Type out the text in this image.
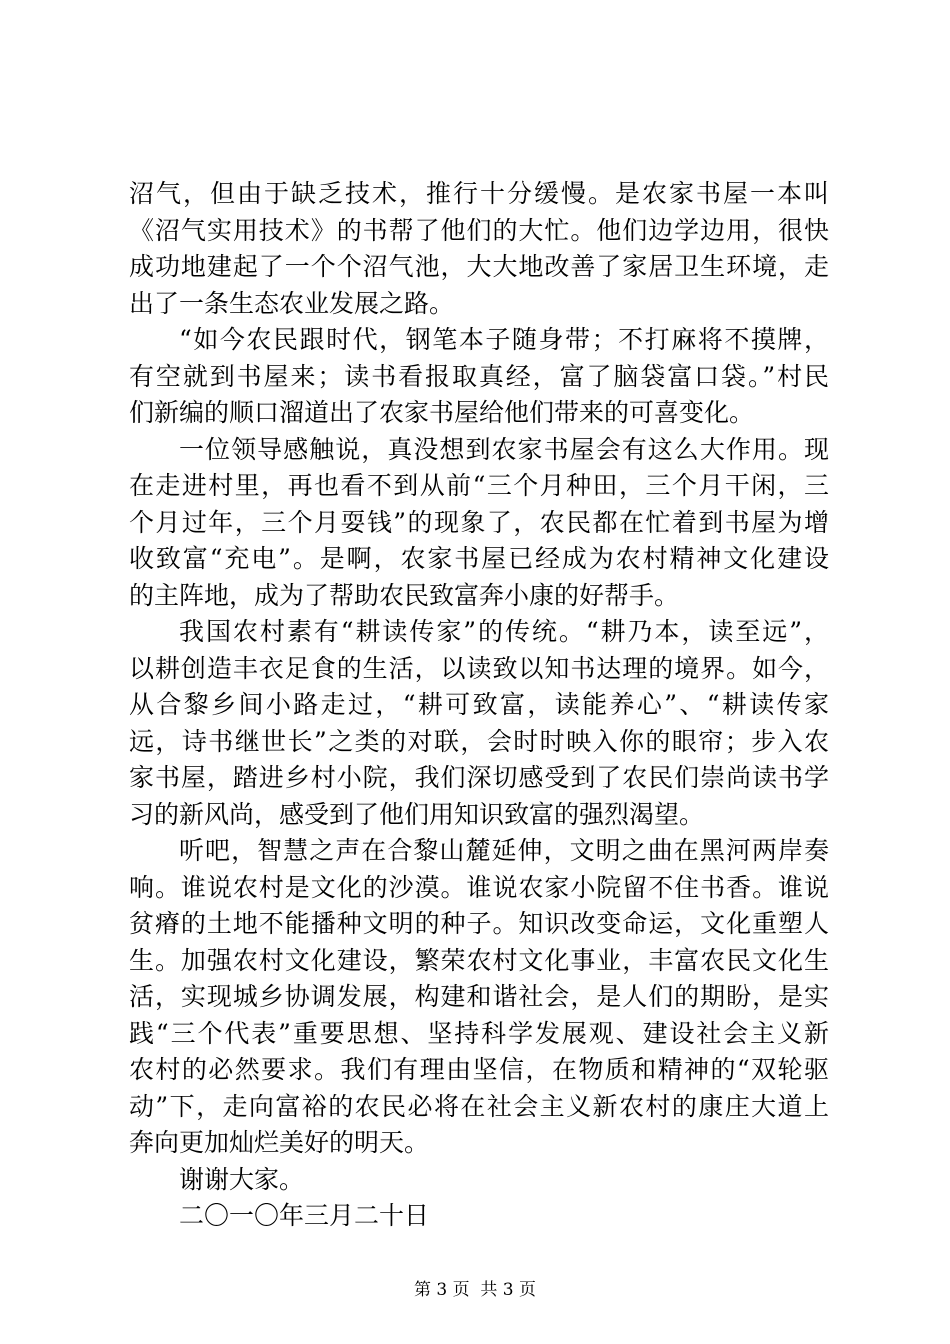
沼气，但由于缺乏技术，推行十分缓慢。是农家书屋一本叫
《沼气实用技术》的书帮了他们的大忙。他们边学边用，很快
成功地建起了一个个沼气池，大大地改善了家居卫生环境，走
出了一条生态农业发展之路。
“如今农民跟时代，钢笔本子随身带；不打麻将不摸牌，
有空就到书屋来；读书看报取真经，富了脑袋富口袋。”村民
们新编的顺口溜道出了农家书屋给他们带来的可喜变化。
一位领导感触说，真没想到农家书屋会有这么大作用。现
在走进村里，再也看不到从前“三个月种田，三个月干闲，三
个月过年，三个月耍钱”的现象了，农民都在忙着到书屋为增
收致富“充电”。是啊，农家书屋已经成为农村精神文化建设
的主阵地，成为了帮助农民致富奔小康的好帮手。
我国农村素有“耕读传家”的传统。“耕乃本，读至远”，
以耕创造丰衣足食的生活，以读致以知书达理的境界。如今，
从合黎乡间小路走过，“耕可致富，读能养心”、“耕读传家
远，诗书继世长”之类的对联，会时时映入你的眼帘；步入农
家书屋，踏进乡村小院，我们深切感受到了农民们崇尚读书学
习的新风尚，感受到了他们用知识致富的强烈渴望。
听吧，智慧之声在合黎山麓延伸，文明之曲在黑河两岸奏
响。谁说农村是文化的沙漠。谁说农家小院留不住书香。谁说
贫瘠的土地不能播种文明的种子。知识改变命运，文化重塑人
生。加强农村文化建设，繁荣农村文化事业，丰富农民文化生
活，实现城乡协调发展，构建和谐社会，是人们的期盼，是实
践“三个代表”重要思想、坚持科学发展观、建设社会主义新
农村的必然要求。我们有理由坚信，在物质和精神的“双轮驱
动”下，走向富裕的农民必将在社会主义新农村的康庄大道上
奔向更加灿烂美好的明天。
谢谢大家。
二〇一〇年三月二十日
第 3 页  共 3 页
